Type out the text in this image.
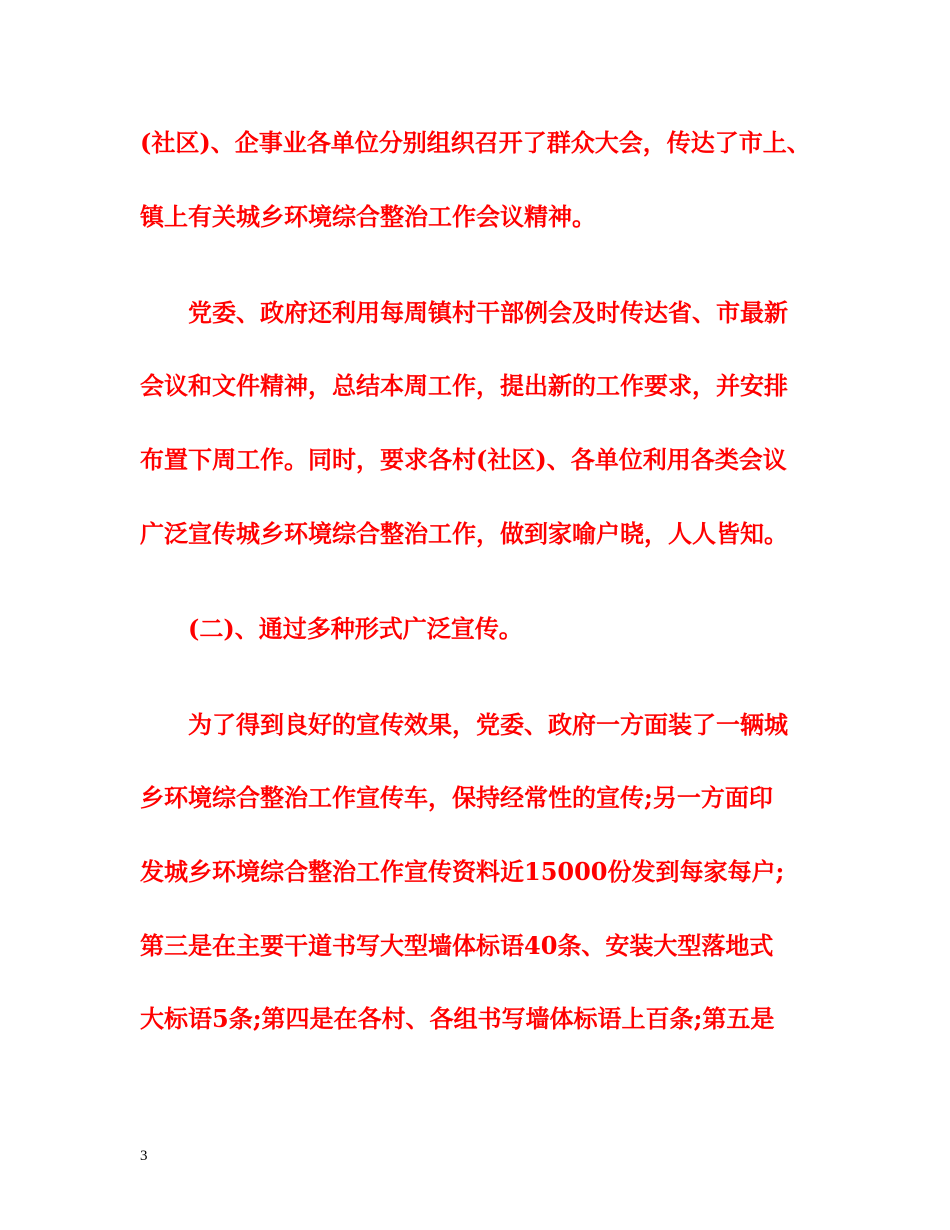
(社区)、企事业各单位分别组织召开了群众大会，传达了市上、
镇上有关城乡环境综合整治工作会议精神。
党委、政府还利用每周镇村干部例会及时传达省、市最新
会议和文件精神，总结本周工作，提出新的工作要求，并安排
布置下周工作。同时，要求各村(社区)、各单位利用各类会议
广泛宣传城乡环境综合整治工作，做到家喻户晓，人人皆知。
(二)、通过多种形式广泛宣传。
为了得到良好的宣传效果，党委、政府一方面装了一辆城
乡环境综合整治工作宣传车，保持经常性的宣传;另一方面印
发城乡环境综合整治工作宣传资料近15000份发到每家每户;
第三是在主要干道书写大型墙体标语40条、安装大型落地式
大标语5条;第四是在各村、各组书写墙体标语上百条;第五是
3
